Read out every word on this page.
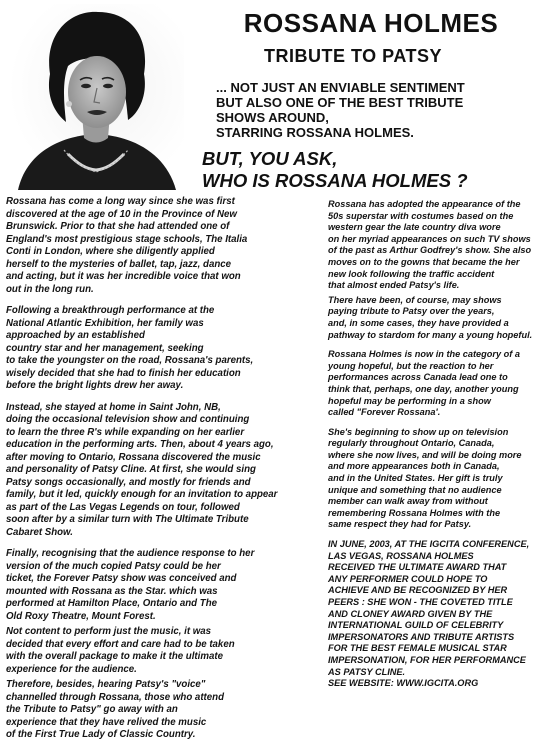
ROSSANA HOLMES
TRIBUTE TO PATSY
... NOT JUST AN ENVIABLE SENTIMENT
BUT ALSO ONE OF THE BEST TRIBUTE
SHOWS AROUND,
STARRING ROSSANA HOLMES.
BUT, YOU ASK,
WHO IS ROSSANA HOLMES ?

Rossana has come a long way since she was first
discovered at the age of 10 in the Province of New
Brunswick. Prior to that she had attended one of
England's most prestigious stage schools, The Italia
Conti in London, where she diligently applied
herself to the mysteries of ballet, tap, jazz, dance
and acting, but it was her incredible voice that won
out in the long run.

Following a breakthrough performance at the
National Atlantic Exhibition, her family was
approached by an established
country star and her management, seeking
to take the youngster on the road, Rossana's parents,
wisely decided that she had to finish her education
before the bright lights drew her away.

Instead, she stayed at home in Saint John, NB,
doing the occasional television show and continuing
to learn the three R's while expanding on her earlier
education in the performing arts. Then, about 4 years ago,
after moving to Ontario, Rossana discovered the music
and personality of Patsy Cline. At first, she would sing
Patsy songs occasionally, and mostly for friends and
family, but it led, quickly enough for an invitation to appear
as part of the Las Vegas Legends on tour, followed
soon after by a similar turn with The Ultimate Tribute
Cabaret Show.

Finally, recognising that the audience response to her
version of the much copied Patsy could be her
ticket, the Forever Patsy show was conceived and
mounted with Rossana as the Star. which was
performed at Hamilton Place, Ontario and The
Old Roxy Theatre, Mount Forest.

Not content to perform just the music, it was
decided that every effort and care had to be taken
with the overall package to make it the ultimate
experience for the audience.

Therefore, besides, hearing Patsy's "voice"
channelled through Rossana, those who attend
the Tribute to Patsy" go away with an
experience that they have relived the music
of the First True Lady of Classic Country.

Rossana has adopted the appearance of the
50s superstar with costumes based on the
western gear the late country diva wore
on her myriad appearances on such TV shows
of the past as Arthur Godfrey's show. She also
moves on to the gowns that became the her
new look following the traffic accident
that almost ended Patsy's life.

There have been, of course, may shows
paying tribute to Patsy over the years,
and, in some cases, they have provided a
pathway to stardom for many a young hopeful.

Rossana Holmes is now in the category of a
young hopeful, but the reaction to her
performances across Canada lead one to
think that, perhaps, one day, another young
hopeful may be performing in a show
called "Forever Rossana'.

She's beginning to show up on television
regularly throughout Ontario, Canada,
where she now lives, and will be doing more
and more appearances both in Canada,
and in the United States. Her gift is truly
unique and something that no audience
member can walk away from without
remembering Rossana Holmes with the
same respect they had for Patsy.

IN JUNE, 2003, AT THE IGCITA CONFERENCE,
LAS VEGAS, ROSSANA HOLMES
RECEIVED THE ULTIMATE AWARD THAT
ANY PERFORMER COULD HOPE TO
ACHIEVE AND BE RECOGNIZED BY HER
PEERS : SHE WON - THE COVETED TITLE
AND CLONEY AWARD GIVEN BY THE
INTERNATIONAL GUILD OF CELEBRITY
IMPERSONATORS AND TRIBUTE ARTISTS
FOR THE BEST FEMALE MUSICAL STAR
IMPERSONATION, FOR HER PERFORMANCE
AS PATSY CLINE.
SEE WEBSITE: WWW.IGCITA.ORG
